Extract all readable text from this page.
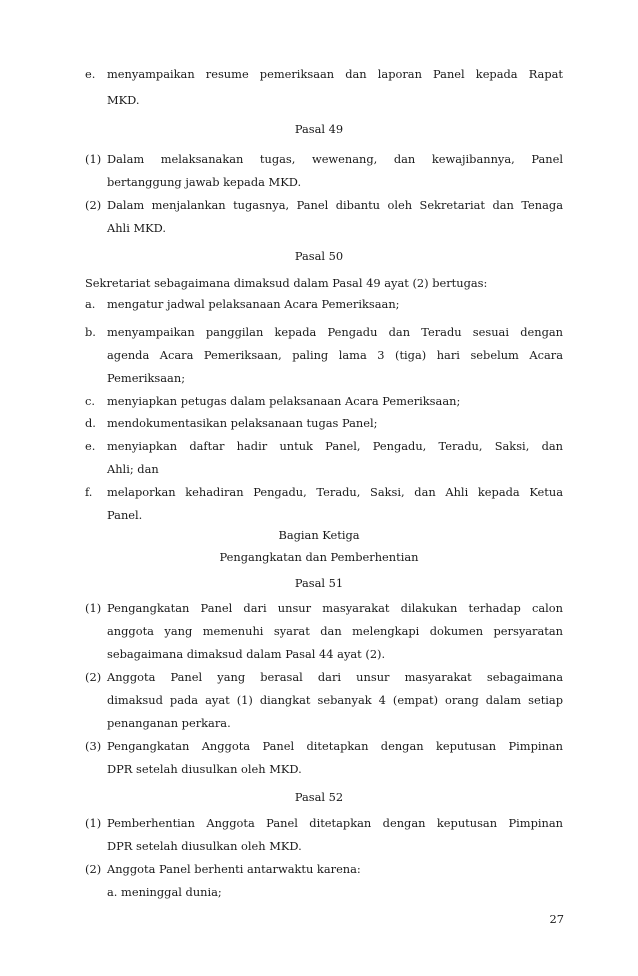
e. menyampaikan resume pemeriksaan dan laporan Panel kepada Rapat
MKD.
Pasal 49
(1) Dalam melaksanakan tugas, wewenang, dan kewajibannya, Panel
bertanggung jawab kepada MKD.
(2) Dalam menjalankan tugasnya, Panel dibantu oleh Sekretariat dan Tenaga
Ahli MKD.
Pasal 50
Sekretariat sebagaimana dimaksud dalam Pasal 49 ayat (2) bertugas:
a. mengatur jadwal pelaksanaan Acara Pemeriksaan;
b. menyampaikan panggilan kepada Pengadu dan Teradu sesuai dengan
agenda Acara Pemeriksaan, paling lama 3 (tiga) hari sebelum Acara
Pemeriksaan;
c. menyiapkan petugas dalam pelaksanaan Acara Pemeriksaan;
d. mendokumentasikan pelaksanaan tugas Panel;
e. menyiapkan daftar hadir untuk Panel, Pengadu, Teradu, Saksi, dan
Ahli; dan
f. melaporkan kehadiran Pengadu, Teradu, Saksi, dan Ahli kepada Ketua
Panel.
Bagian Ketiga
Pengangkatan dan Pemberhentian
Pasal 51
(1) Pengangkatan Panel dari unsur masyarakat dilakukan terhadap calon
anggota yang memenuhi syarat dan melengkapi dokumen persyaratan
sebagaimana dimaksud dalam Pasal 44 ayat (2).
(2) Anggota Panel yang berasal dari unsur masyarakat sebagaimana
dimaksud pada ayat (1) diangkat sebanyak 4 (empat) orang dalam setiap
penanganan perkara.
(3) Pengangkatan Anggota Panel ditetapkan dengan keputusan Pimpinan
DPR setelah diusulkan oleh MKD.
Pasal 52
(1) Pemberhentian Anggota Panel ditetapkan dengan keputusan Pimpinan
DPR setelah diusulkan oleh MKD.
(2) Anggota Panel berhenti antarwaktu karena:
a. meninggal dunia;
27
